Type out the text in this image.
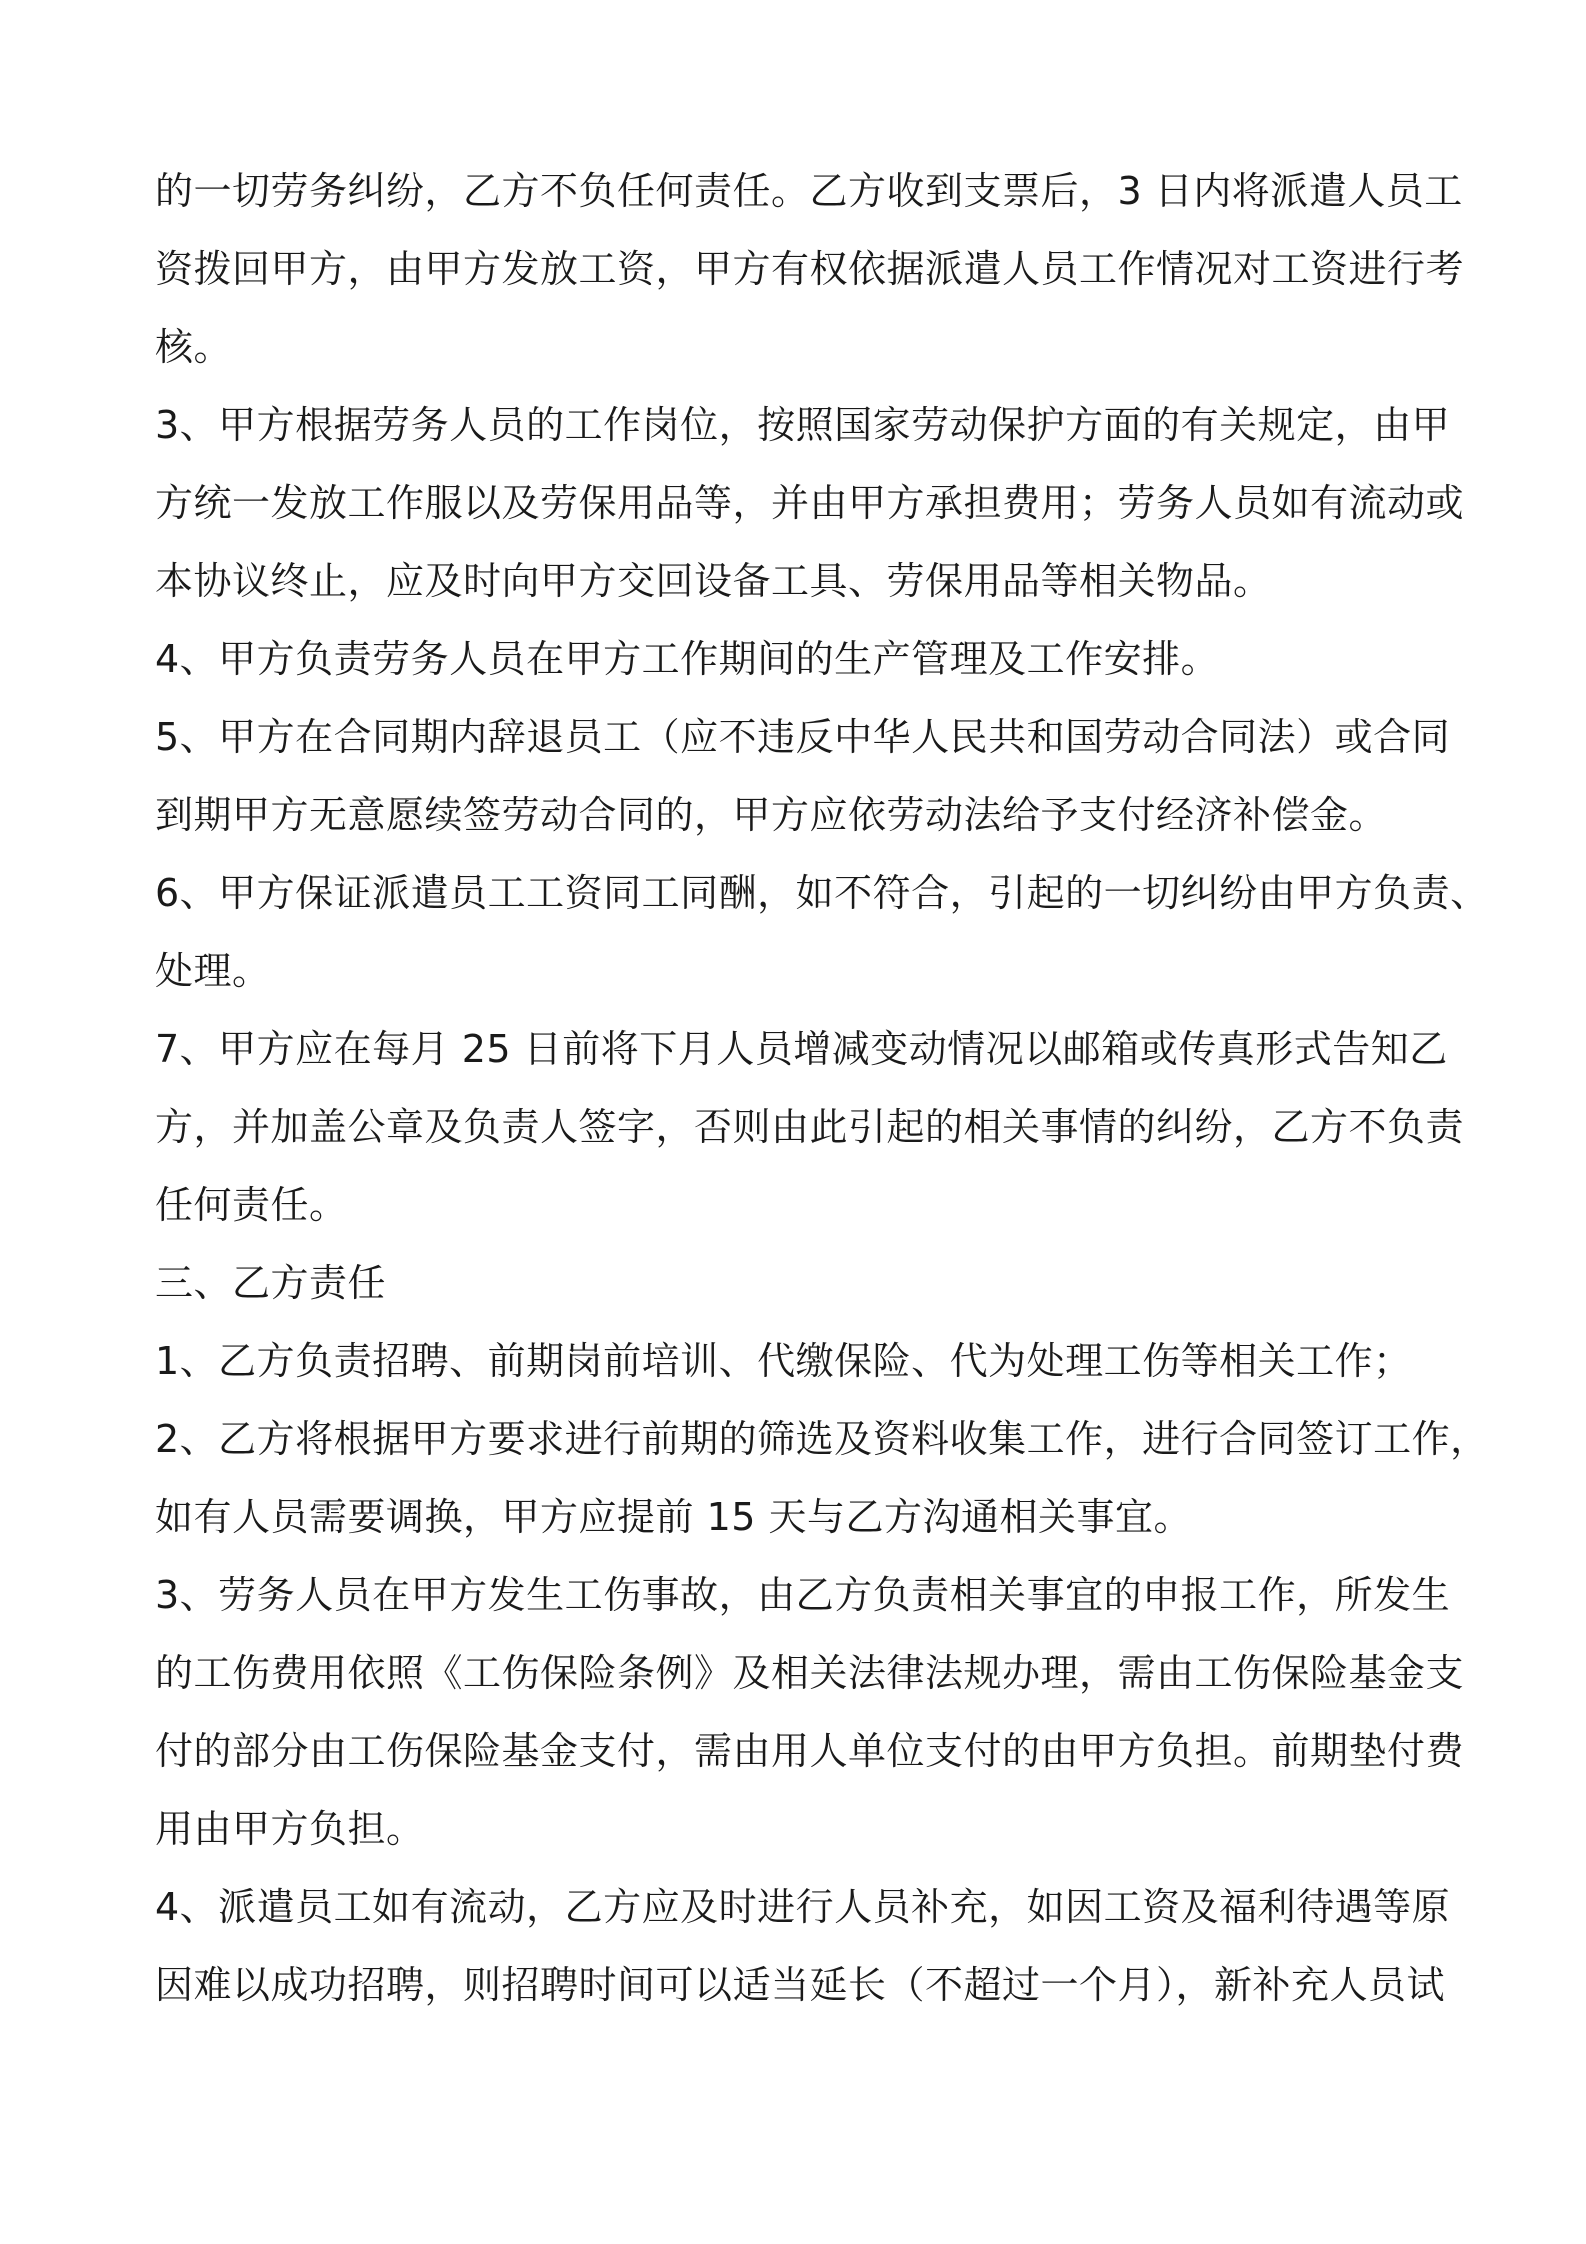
的一切劳务纠纷，乙方不负任何责任。乙方收到支票后，3 日内将派遣人员工
资拨回甲方，由甲方发放工资，甲方有权依据派遣人员工作情况对工资进行考
核。
3、甲方根据劳务人员的工作岗位，按照国家劳动保护方面的有关规定，由甲
方统一发放工作服以及劳保用品等，并由甲方承担费用；劳务人员如有流动或
本协议终止，应及时向甲方交回设备工具、劳保用品等相关物品。
4、甲方负责劳务人员在甲方工作期间的生产管理及工作安排。
5、甲方在合同期内辞退员工（应不违反中华人民共和国劳动合同法）或合同
到期甲方无意愿续签劳动合同的，甲方应依劳动法给予支付经济补偿金。
6、甲方保证派遣员工工资同工同酬，如不符合，引起的一切纠纷由甲方负责、
处理。
7、甲方应在每月 25 日前将下月人员增减变动情况以邮箱或传真形式告知乙
方，并加盖公章及负责人签字，否则由此引起的相关事情的纠纷，乙方不负责
任何责任。
三、乙方责任
1、乙方负责招聘、前期岗前培训、代缴保险、代为处理工伤等相关工作；
2、乙方将根据甲方要求进行前期的筛选及资料收集工作，进行合同签订工作，
如有人员需要调换，甲方应提前 15 天与乙方沟通相关事宜。
3、劳务人员在甲方发生工伤事故，由乙方负责相关事宜的申报工作，所发生
的工伤费用依照《工伤保险条例》及相关法律法规办理，需由工伤保险基金支
付的部分由工伤保险基金支付，需由用人单位支付的由甲方负担。前期垫付费
用由甲方负担。
4、派遣员工如有流动，乙方应及时进行人员补充，如因工资及福利待遇等原
因难以成功招聘，则招聘时间可以适当延长（不超过一个月），新补充人员试
